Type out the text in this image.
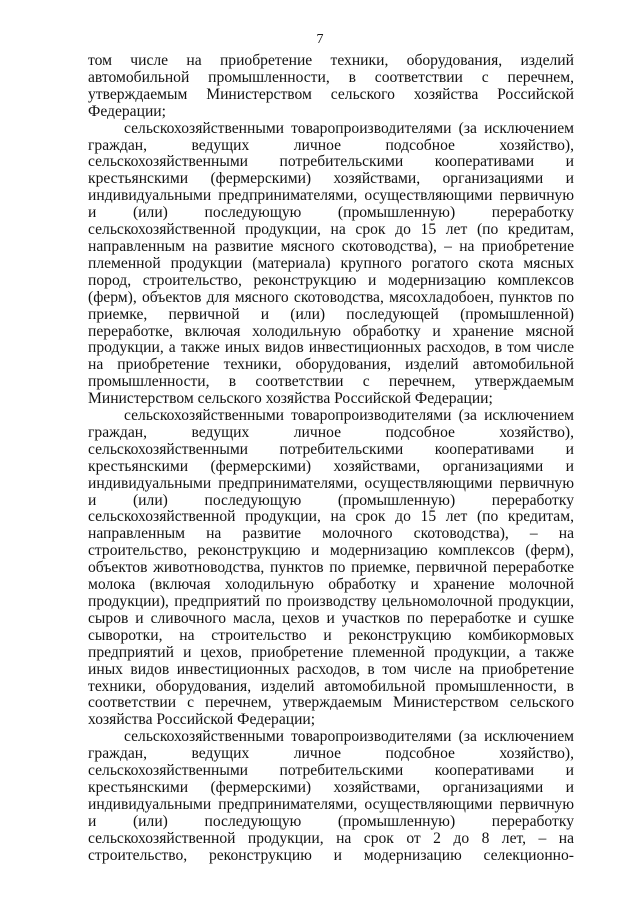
7

том числе на приобретение техники, оборудования, изделий автомобильной промышленности, в соответствии с перечнем, утверждаемым Министерством сельского хозяйства Российской Федерации;

сельскохозяйственными товаропроизводителями (за исключением граждан, ведущих личное подсобное хозяйство), сельскохозяйственными потребительскими кооперативами и крестьянскими (фермерскими) хозяйствами, организациями и индивидуальными предпринимателями, осуществляющими первичную и (или) последующую (промышленную) переработку сельскохозяйственной продукции, на срок до 15 лет (по кредитам, направленным на развитие мясного скотоводства), – на приобретение племенной продукции (материала) крупного рогатого скота мясных пород, строительство, реконструкцию и модернизацию комплексов (ферм), объектов для мясного скотоводства, мясохладобоен, пунктов по приемке, первичной и (или) последующей (промышленной) переработке, включая холодильную обработку и хранение мясной продукции, а также иных видов инвестиционных расходов, в том числе на приобретение техники, оборудования, изделий автомобильной промышленности, в соответствии с перечнем, утверждаемым Министерством сельского хозяйства Российской Федерации;

сельскохозяйственными товаропроизводителями (за исключением граждан, ведущих личное подсобное хозяйство), сельскохозяйственными потребительскими кооперативами и крестьянскими (фермерскими) хозяйствами, организациями и индивидуальными предпринимателями, осуществляющими первичную и (или) последующую (промышленную) переработку сельскохозяйственной продукции, на срок до 15 лет (по кредитам, направленным на развитие молочного скотоводства), – на строительство, реконструкцию и модернизацию комплексов (ферм), объектов животноводства, пунктов по приемке, первичной переработке молока (включая холодильную обработку и хранение молочной продукции), предприятий по производству цельномолочной продукции, сыров и сливочного масла, цехов и участков по переработке и сушке сыворотки, на строительство и реконструкцию комбикормовых предприятий и цехов, приобретение племенной продукции, а также иных видов инвестиционных расходов, в том числе на приобретение техники, оборудования, изделий автомобильной промышленности, в соответствии с перечнем, утверждаемым Министерством сельского хозяйства Российской Федерации;

сельскохозяйственными товаропроизводителями (за исключением граждан, ведущих личное подсобное хозяйство), сельскохозяйственными потребительскими кооперативами и крестьянскими (фермерскими) хозяйствами, организациями и индивидуальными предпринимателями, осуществляющими первичную и (или) последующую (промышленную) переработку сельскохозяйственной продукции, на срок от 2 до 8 лет, – на строительство, реконструкцию и модернизацию селекционно-
